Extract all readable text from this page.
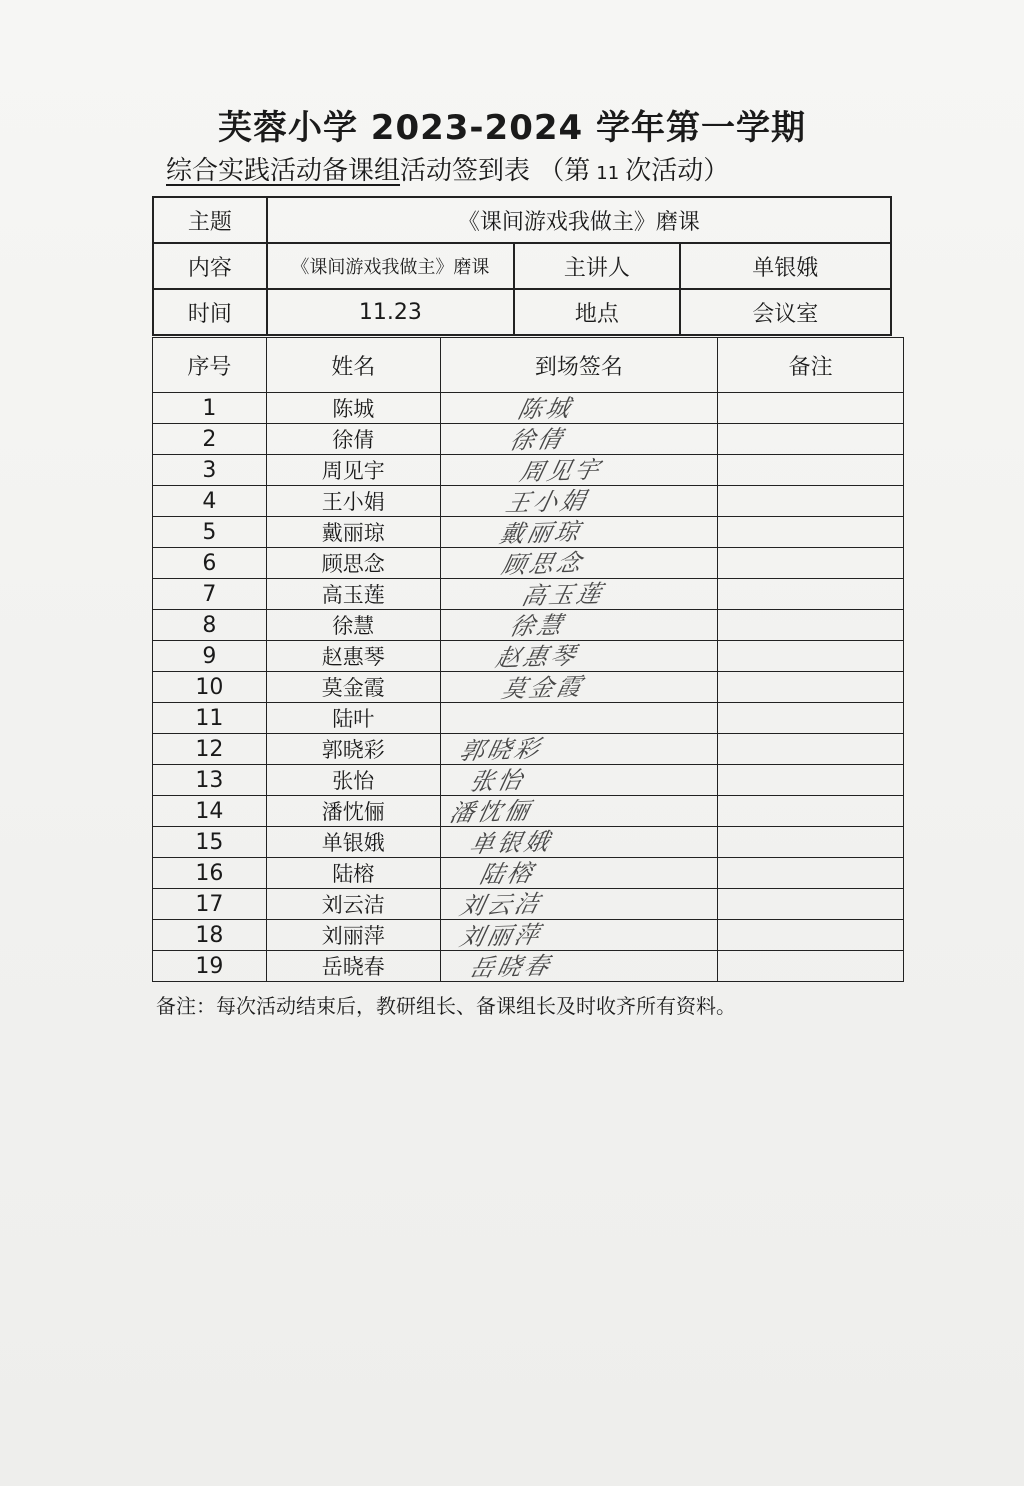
芙蓉小学 2023-2024 学年第一学期
综合实践活动备课组活动签到表 （第 11 次活动）
主题	《课间游戏我做主》磨课		
内容	《课间游戏我做主》磨课	主讲人	单银娥
时间	11.23	地点	会议室
序号	姓名	到场签名	备注
1	陈城	陈城	

2	徐倩	徐倩	

3	周见宇	周见宇	

4	王小娟	王小娟	

5	戴丽琼	戴丽琼	

6	顾思念	顾思念	

7	高玉莲	高玉莲	

8	徐慧	徐慧	

9	赵惠琴	赵惠琴	

10	莫金霞	莫金霞	

11	陆叶		
12	郭晓彩	郭晓彩	

13	张怡	张怡	

14	潘忱俪	潘忱俪	

15	单银娥	单银娥	

16	陆榕	陆榕	

17	刘云洁	刘云洁	

18	刘丽萍	刘丽萍	

19	岳晓春	岳晓春	

备注：每次活动结束后，教研组长、备课组长及时收齐所有资料。
